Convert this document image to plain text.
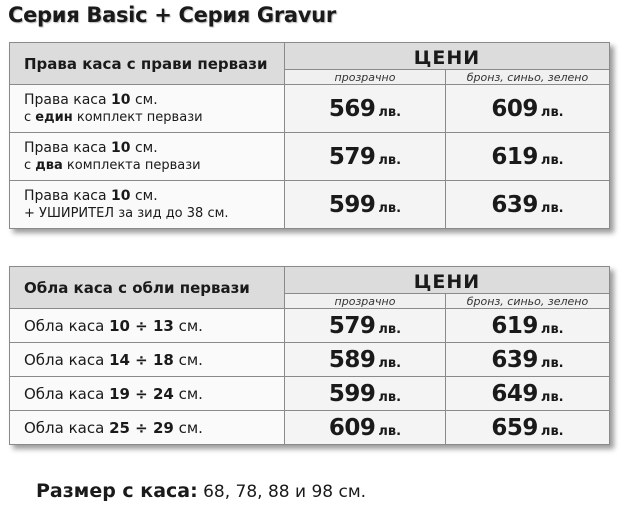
Серия Basic + Серия Gravur
Права каса с прави первази	ЦЕНИ	
	прозрачно	бронз, синьо, зелено

Права каса 10 см.
с един комплект первази	569 лв.	609 лв.

Права каса 10 см.
с два комплекта первази	579 лв.	619 лв.

Права каса 10 см.
+ УШИРИТЕЛ за зид до 38 см.	599 лв.	639 лв.
Обла каса с обли первази	ЦЕНИ	
	прозрачно	бронз, синьо, зелено
Обла каса 10 ÷ 13 см.	579 лв.	619 лв.
Обла каса 14 ÷ 18 см.	589 лв.	639 лв.
Обла каса 19 ÷ 24 см.	599 лв.	649 лв.
Обла каса 25 ÷ 29 см.	609 лв.	659 лв.
Размер с каса: 68, 78, 88 и 98 см.
